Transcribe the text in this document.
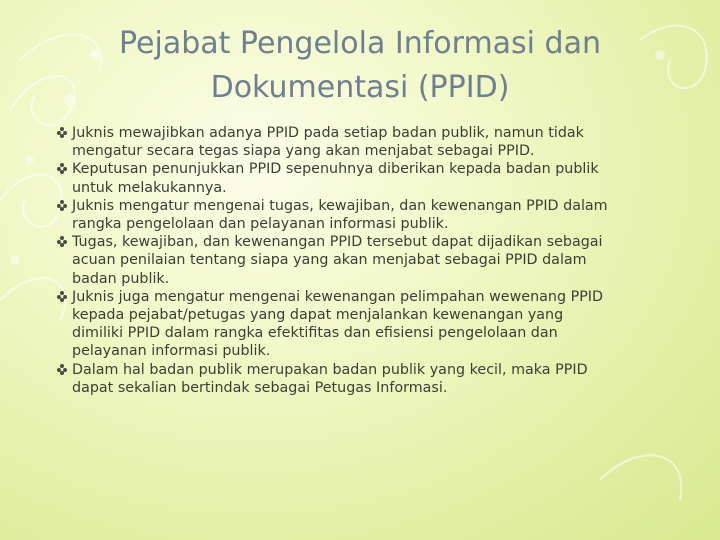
Pejabat Pengelola Informasi dan
Dokumentasi (PPID)
Juknis mewajibkan adanya PPID pada setiap badan publik, namun tidak
mengatur secara tegas siapa yang akan menjabat sebagai PPID.
Keputusan penunjukkan PPID sepenuhnya diberikan kepada badan publik
untuk melakukannya.
Juknis mengatur mengenai tugas, kewajiban, dan kewenangan PPID dalam
rangka pengelolaan dan pelayanan informasi publik.
Tugas, kewajiban, dan kewenangan PPID tersebut dapat dijadikan sebagai
acuan penilaian tentang siapa yang akan menjabat sebagai PPID dalam
badan publik.
Juknis juga mengatur mengenai kewenangan pelimpahan wewenang PPID
kepada pejabat/petugas yang dapat menjalankan kewenangan yang
dimiliki PPID dalam rangka efektifitas dan efisiensi pengelolaan dan
pelayanan informasi publik.
Dalam hal badan publik merupakan badan publik yang kecil, maka PPID
dapat sekalian bertindak sebagai Petugas Informasi.
